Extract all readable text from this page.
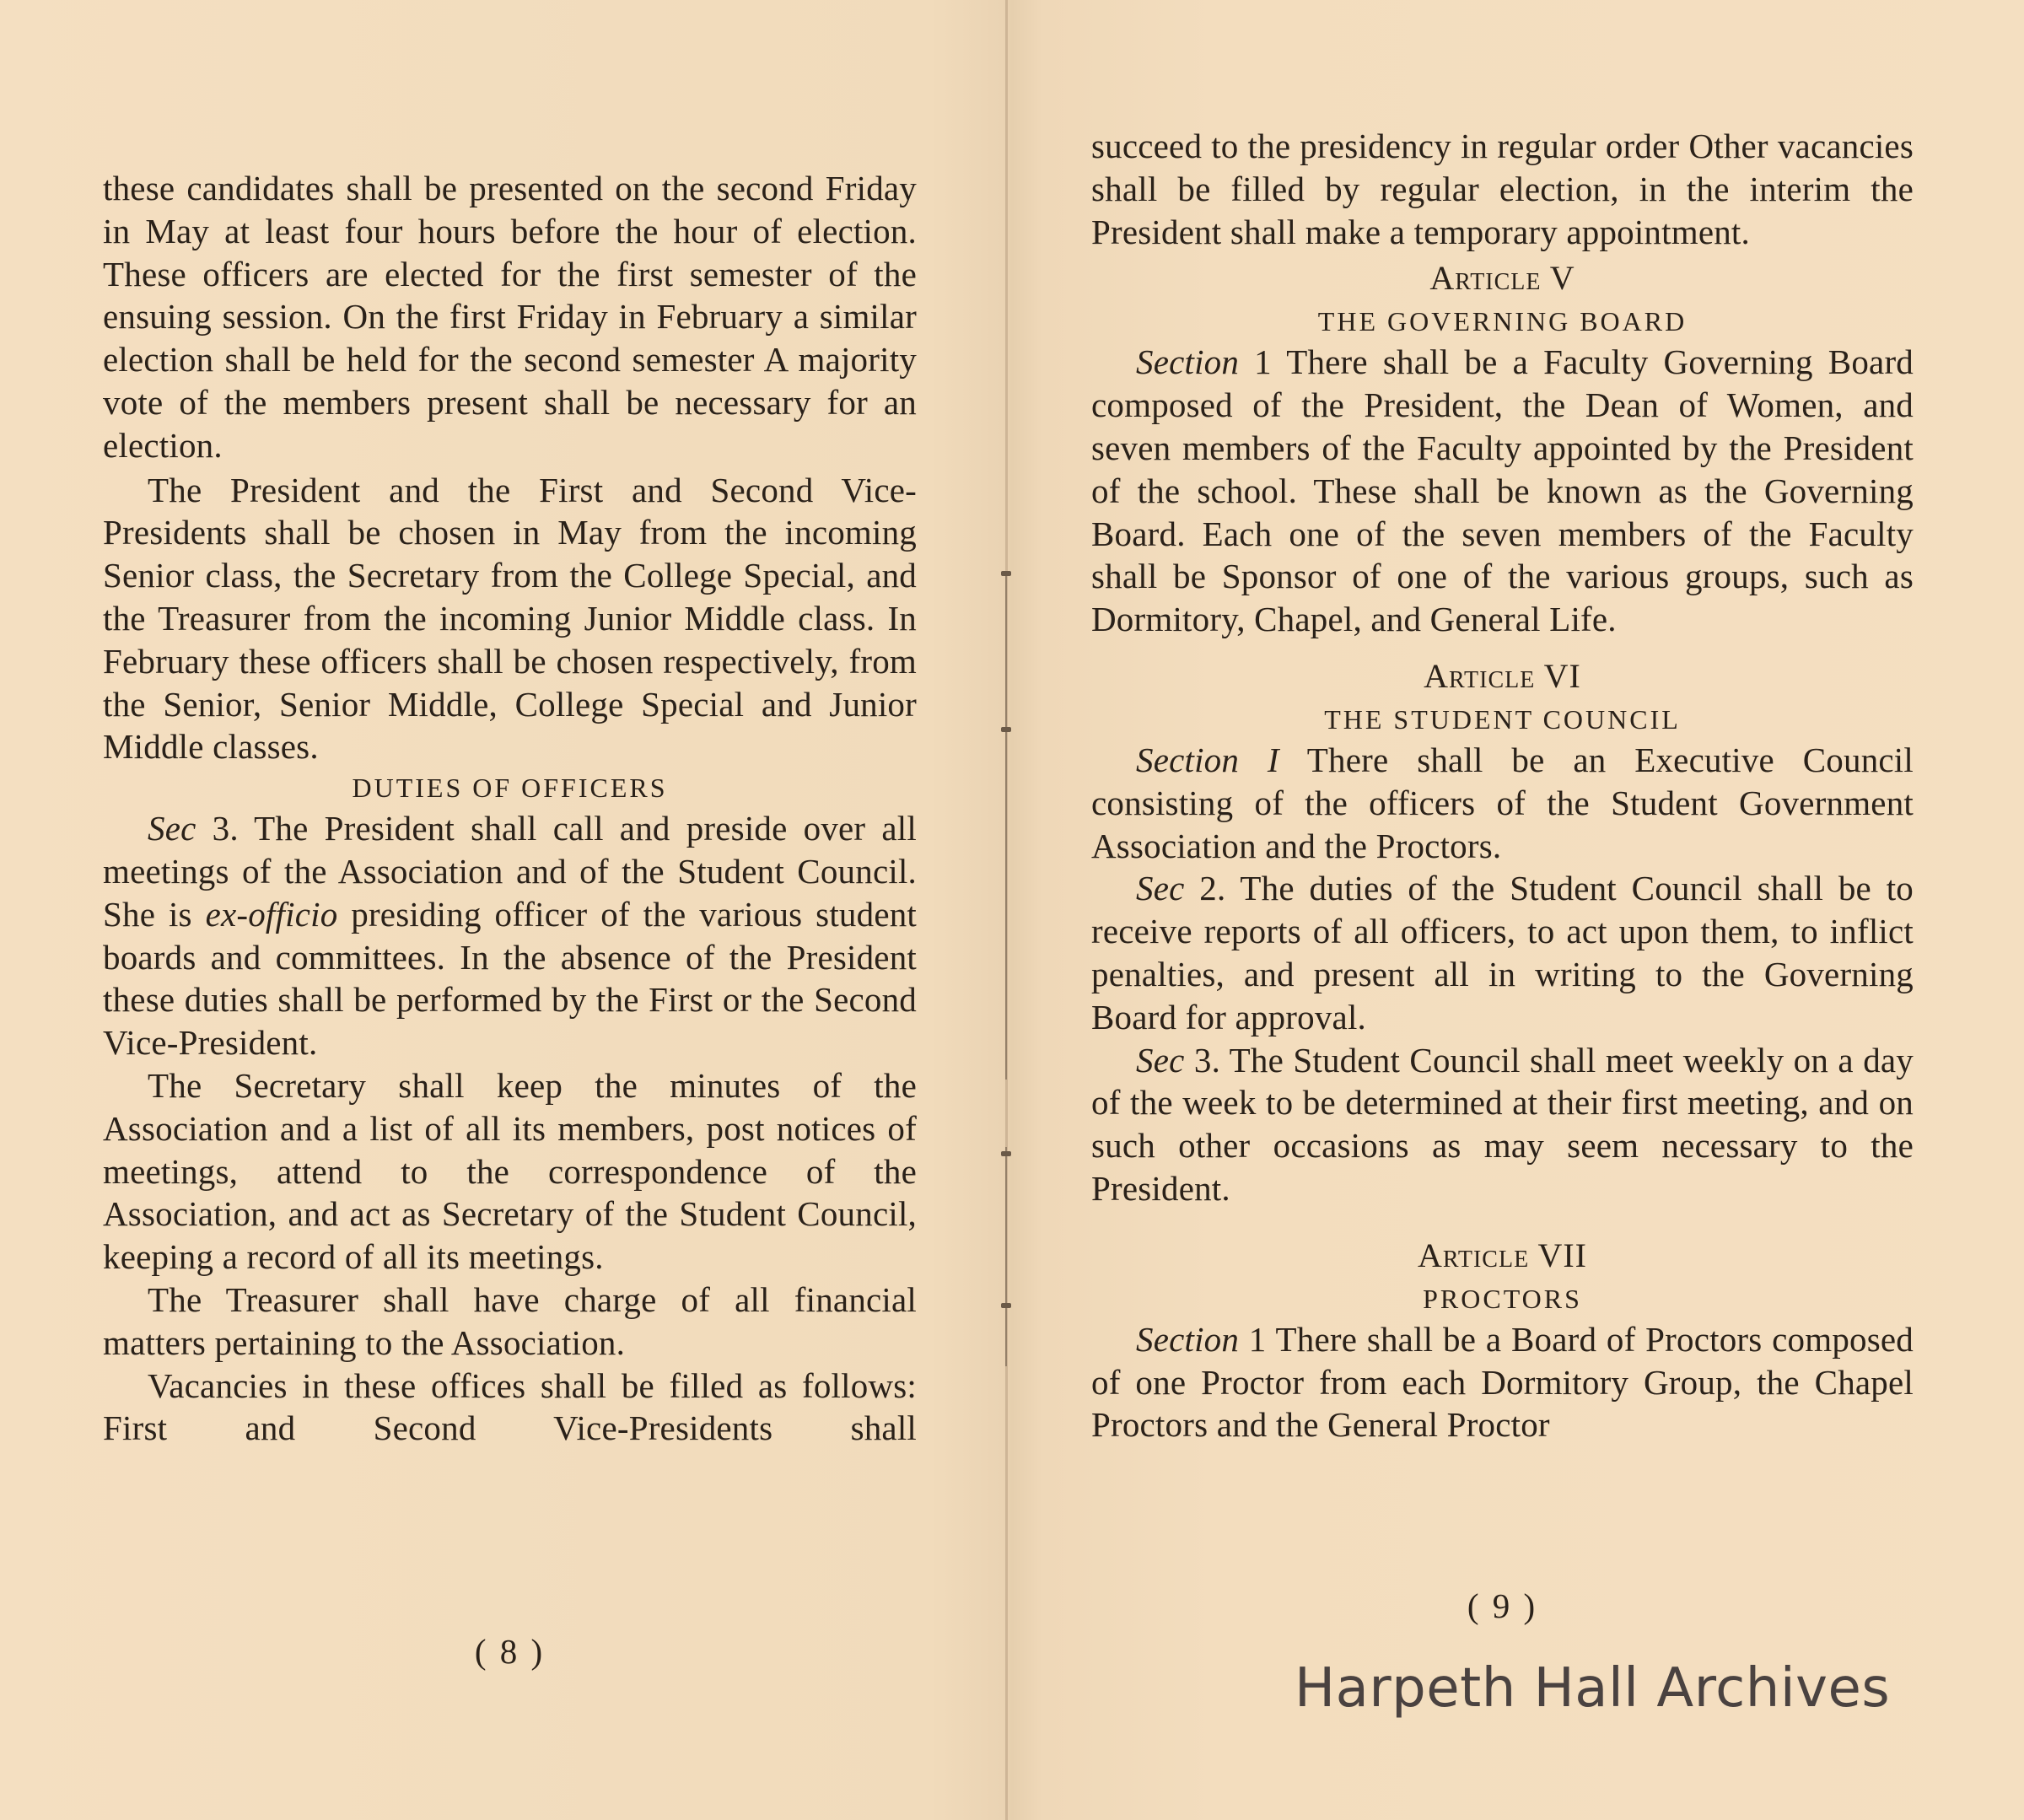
these candidates shall be presented on the second Friday in May at least four hours before the hour of election. These officers are elected for the first semester of the ensuing session. On the first Friday in February a similar election shall be held for the second semester A majority vote of the members present shall be necessary for an election.

The President and the First and Second Vice-Presidents shall be chosen in May from the incoming Senior class, the Secretary from the College Special, and the Treasurer from the incoming Junior Middle class. In February these officers shall be chosen respectively, from the Senior, Senior Middle, College Special and Junior Middle classes.

DUTIES OF OFFICERS

Sec 3. The President shall call and preside over all meetings of the Association and of the Student Council. She is ex-officio presiding officer of the various student boards and committees. In the absence of the President these duties shall be performed by the First or the Second Vice-President.

The Secretary shall keep the minutes of the Association and a list of all its members, post notices of meetings, attend to the correspondence of the Association, and act as Secretary of the Student Council, keeping a record of all its meetings.

The Treasurer shall have charge of all financial matters pertaining to the Association.

Vacancies in these offices shall be filled as follows: First and Second Vice-Presidents shall

( 8 )

succeed to the presidency in regular order Other vacancies shall be filled by regular election, in the interim the President shall make a temporary appointment.

Article V

THE GOVERNING BOARD

Section 1 There shall be a Faculty Governing Board composed of the President, the Dean of Women, and seven members of the Faculty appointed by the President of the school. These shall be known as the Governing Board. Each one of the seven members of the Faculty shall be Sponsor of one of the various groups, such as Dormitory, Chapel, and General Life.

Article VI

THE STUDENT COUNCIL

Section I There shall be an Executive Council consisting of the officers of the Student Government Association and the Proctors.

Sec 2. The duties of the Student Council shall be to receive reports of all officers, to act upon them, to inflict penalties, and present all in writing to the Governing Board for approval.

Sec 3. The Student Council shall meet weekly on a day of the week to be determined at their first meeting, and on such other occasions as may seem necessary to the President.

Article VII

PROCTORS

Section 1 There shall be a Board of Proctors composed of one Proctor from each Dormitory Group, the Chapel Proctors and the General Proctor

( 9 )
Harpeth Hall Archives
